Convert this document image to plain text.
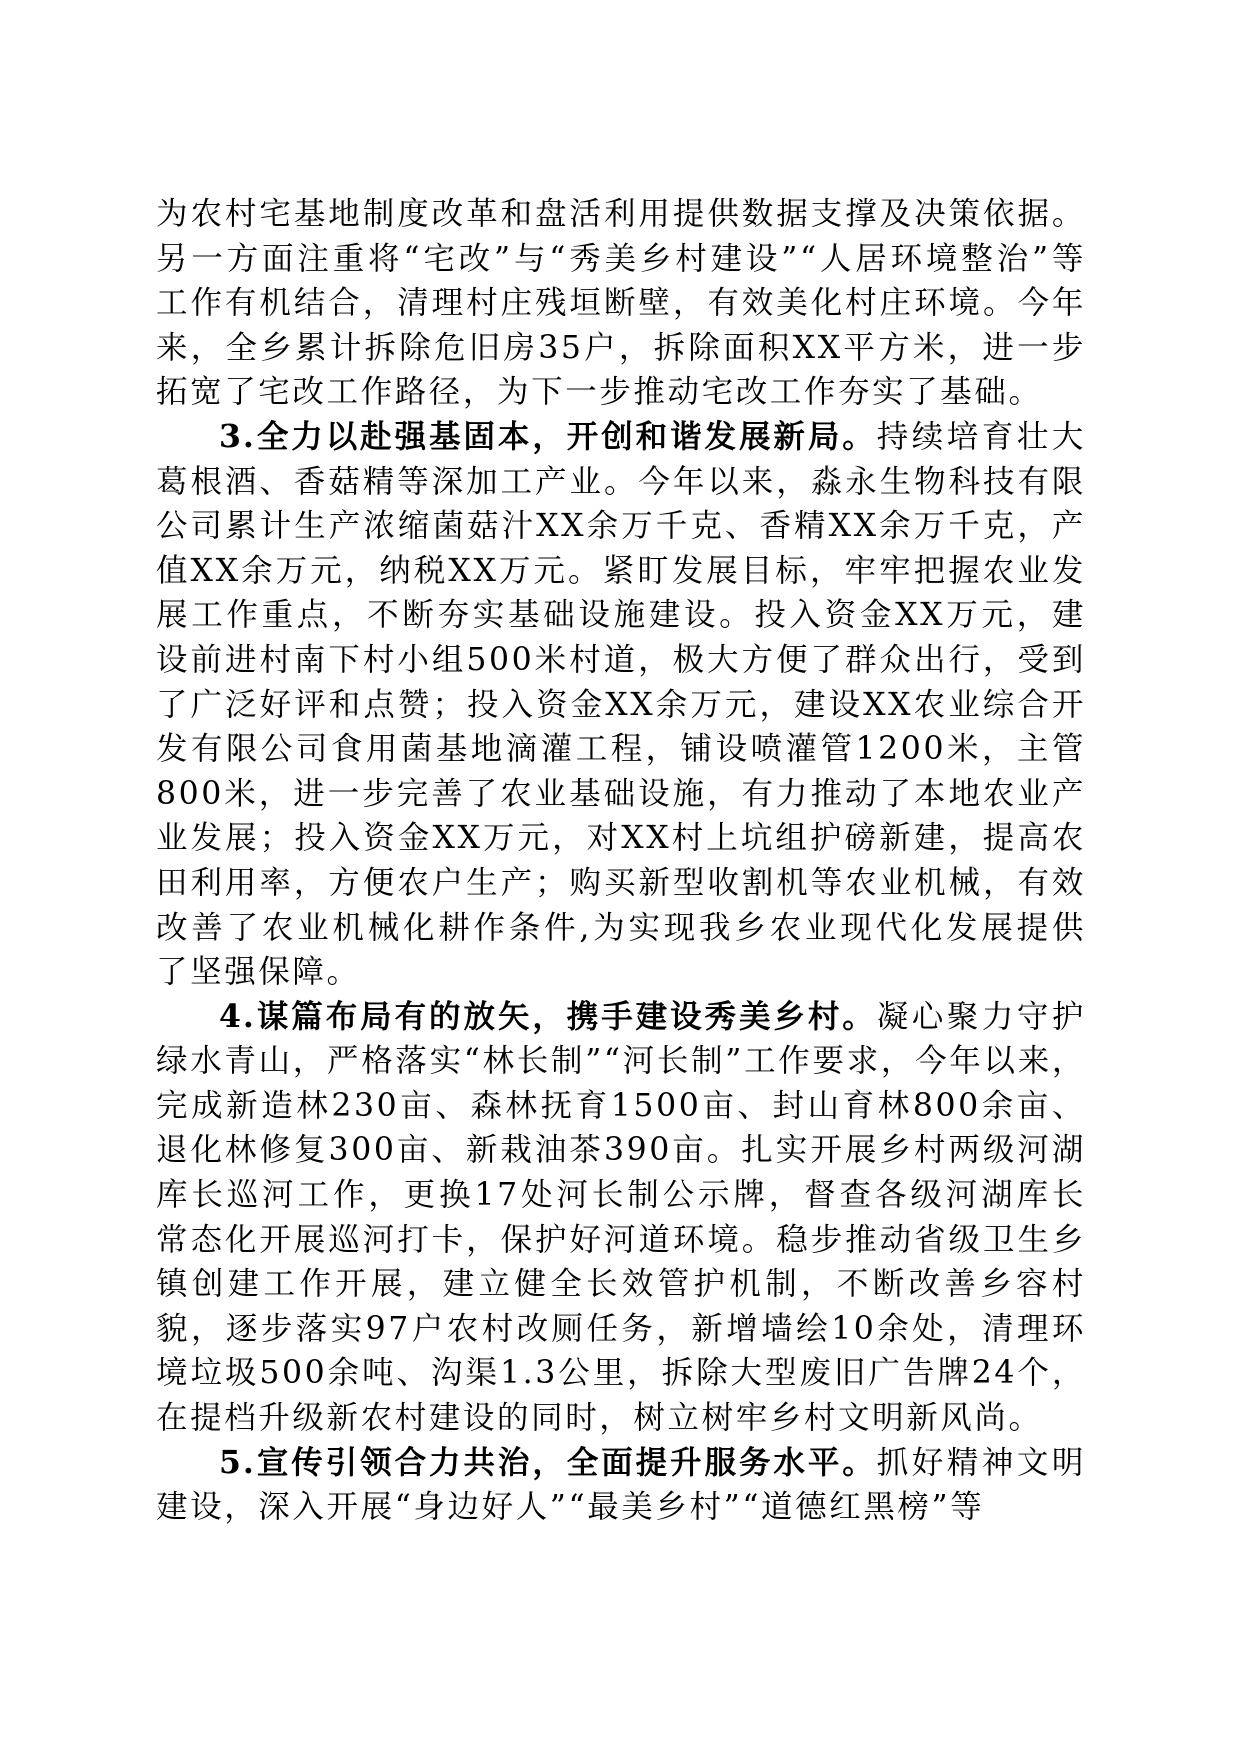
为农村宅基地制度改革和盘活利用提供数据支撑及决策依据。另一方面注重将“宅改”与“秀美乡村建设”“人居环境整治”等工作有机结合，清理村庄残垣断壁，有效美化村庄环境。今年来，全乡累计拆除危旧房35户，拆除面积XX平方米，进一步拓宽了宅改工作路径，为下一步推动宅改工作夯实了基础。

3.全力以赴强基固本，开创和谐发展新局。持续培育壮大葛根酒、香菇精等深加工产业。今年以来，淼永生物科技有限公司累计生产浓缩菌菇汁XX余万千克、香精XX余万千克，产值XX余万元，纳税XX万元。紧盯发展目标，牢牢把握农业发展工作重点，不断夯实基础设施建设。投入资金XX万元，建设前进村南下村小组500米村道，极大方便了群众出行，受到了广泛好评和点赞；投入资金XX余万元，建设XX农业综合开发有限公司食用菌基地滴灌工程，铺设喷灌管1200米，主管800米，进一步完善了农业基础设施，有力推动了本地农业产业发展；投入资金XX万元，对XX村上坑组护磅新建，提高农田利用率，方便农户生产；购买新型收割机等农业机械，有效改善了农业机械化耕作条件,为实现我乡农业现代化发展提供了坚强保障。

4.谋篇布局有的放矢，携手建设秀美乡村。凝心聚力守护绿水青山，严格落实“林长制”“河长制”工作要求，今年以来，完成新造林230亩、森林抚育1500亩、封山育林800余亩、退化林修复300亩、新栽油茶390亩。扎实开展乡村两级河湖库长巡河工作，更换17处河长制公示牌，督查各级河湖库长常态化开展巡河打卡，保护好河道环境。稳步推动省级卫生乡镇创建工作开展，建立健全长效管护机制，不断改善乡容村貌，逐步落实97户农村改厕任务，新增墙绘10余处，清理环境垃圾500余吨、沟渠1.3公里，拆除大型废旧广告牌24个，在提档升级新农村建设的同时，树立树牢乡村文明新风尚。

5.宣传引领合力共治，全面提升服务水平。抓好精神文明建设，深入开展“身边好人”“最美乡村”“道德红黑榜”等
